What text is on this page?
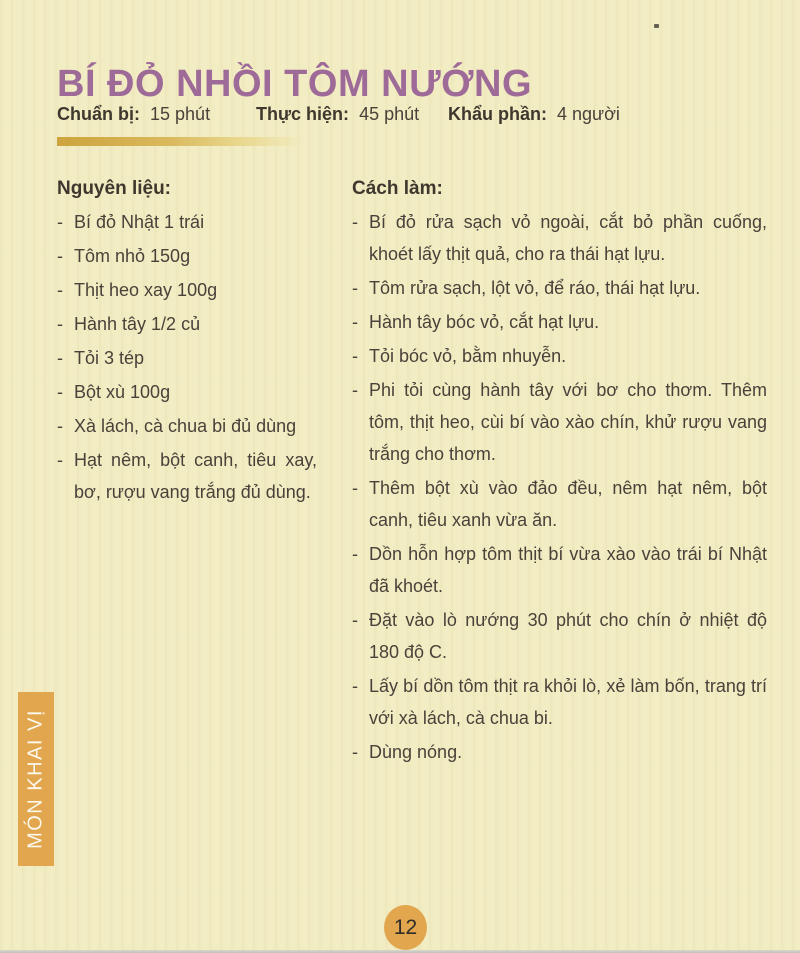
BÍ ĐỎ NHỒI TÔM NƯỚNG
Chuẩn bị: 15 phút	Thực hiện: 45 phút Khẩu phần: 4 người
Nguyên liệu:
- Bí đỏ Nhật 1 trái
- Tôm nhỏ 150g
- Thịt heo xay 100g
- Hành tây 1/2 củ
- Tỏi 3 tép
- Bột xù 100g
- Xà lách, cà chua bi đủ dùng
- Hạt nêm, bột canh, tiêu xay, bơ, rượu vang trắng đủ dùng.
Cách làm:
- Bí đỏ rửa sạch vỏ ngoài, cắt bỏ phần cuống, khoét lấy thịt quả, cho ra thái hạt lựu.
- Tôm rửa sạch, lột vỏ, để ráo, thái hạt lựu.
- Hành tây bóc vỏ, cắt hạt lựu.
- Tỏi bóc vỏ, bằm nhuyễn.
- Phi tỏi cùng hành tây với bơ cho thơm. Thêm tôm, thịt heo, cùi bí vào xào chín, khử rượu vang trắng cho thơm.
- Thêm bột xù vào đảo đều, nêm hạt nêm, bột canh, tiêu xanh vừa ăn.
- Dồn hỗn hợp tôm thịt bí vừa xào vào trái bí Nhật đã khoét.
- Đặt vào lò nướng 30 phút cho chín ở nhiệt độ 180 độ C.
- Lấy bí dồn tôm thịt ra khỏi lò, xẻ làm bốn, trang trí với xà lách, cà chua bi.
- Dùng nóng.
MÓN KHAI VỊ
12
